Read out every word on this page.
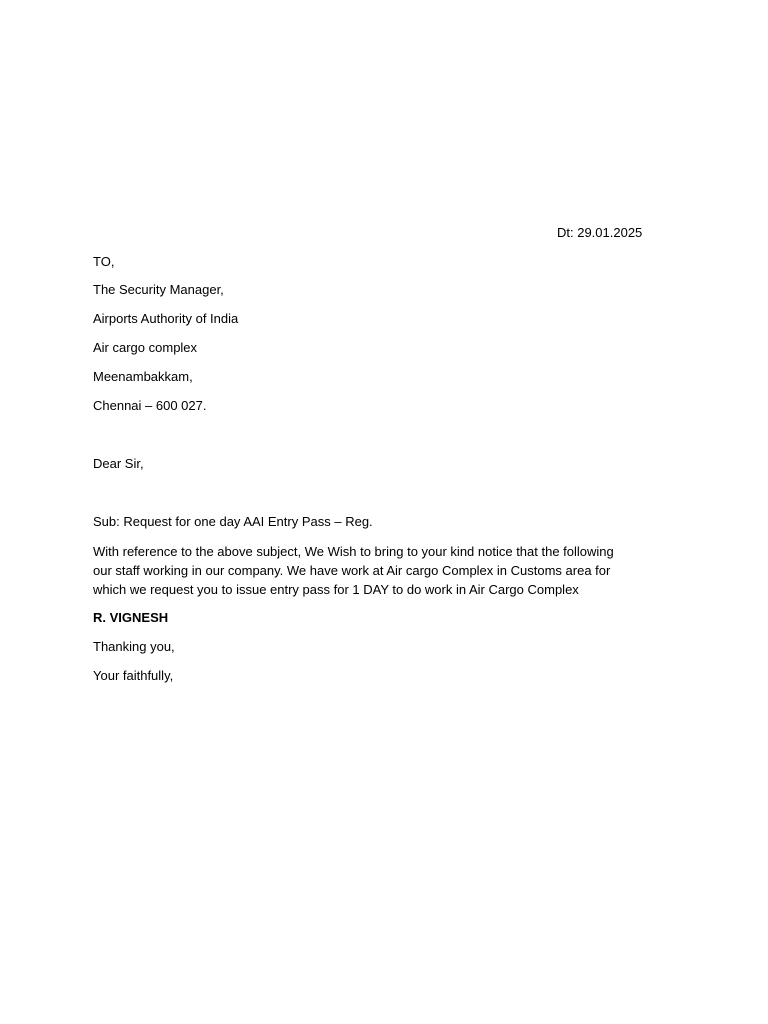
Dt: 29.01.2025
TO,
The Security Manager,
Airports Authority of India
Air cargo complex
Meenambakkam,
Chennai – 600 027.
Dear Sir,
Sub: Request for one day AAI Entry Pass – Reg.
With reference to the above subject, We Wish to bring to your kind notice that the following
our staff working in our company. We have work at Air cargo Complex in Customs area for
which we request you to issue entry pass for 1 DAY to do work in Air Cargo Complex
R. VIGNESH
Thanking you,
Your faithfully,
